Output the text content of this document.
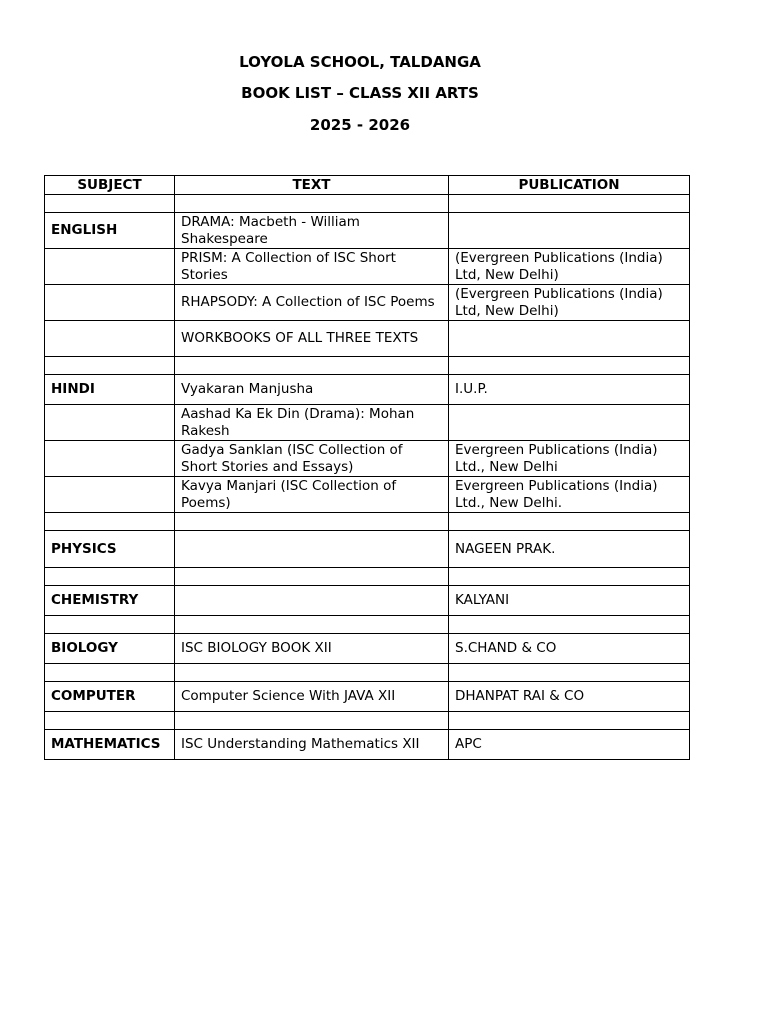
LOYOLA SCHOOL, TALDANGA
BOOK LIST – CLASS XII ARTS
2025 - 2026
SUBJECT	TEXT	PUBLICATION

ENGLISH	DRAMA: Macbeth - William Shakespeare	
	PRISM: A Collection of ISC Short Stories	(Evergreen Publications (India) Ltd, New Delhi)
	RHAPSODY: A Collection of ISC Poems	(Evergreen Publications (India) Ltd, New Delhi)
	WORKBOOKS OF ALL THREE TEXTS	

HINDI	Vyakaran Manjusha	I.U.P.
	Aashad Ka Ek Din (Drama): Mohan Rakesh	
	Gadya Sanklan (ISC Collection of Short Stories and Essays)	Evergreen Publications (India) Ltd., New Delhi
	Kavya Manjari (ISC Collection of Poems)	Evergreen Publications (India) Ltd., New Delhi.

PHYSICS		NAGEEN PRAK.

CHEMISTRY		KALYANI

BIOLOGY	ISC BIOLOGY BOOK XII	S.CHAND & CO

COMPUTER	Computer Science With JAVA XII	DHANPAT RAI & CO

MATHEMATICS	ISC Understanding Mathematics XII	APC
